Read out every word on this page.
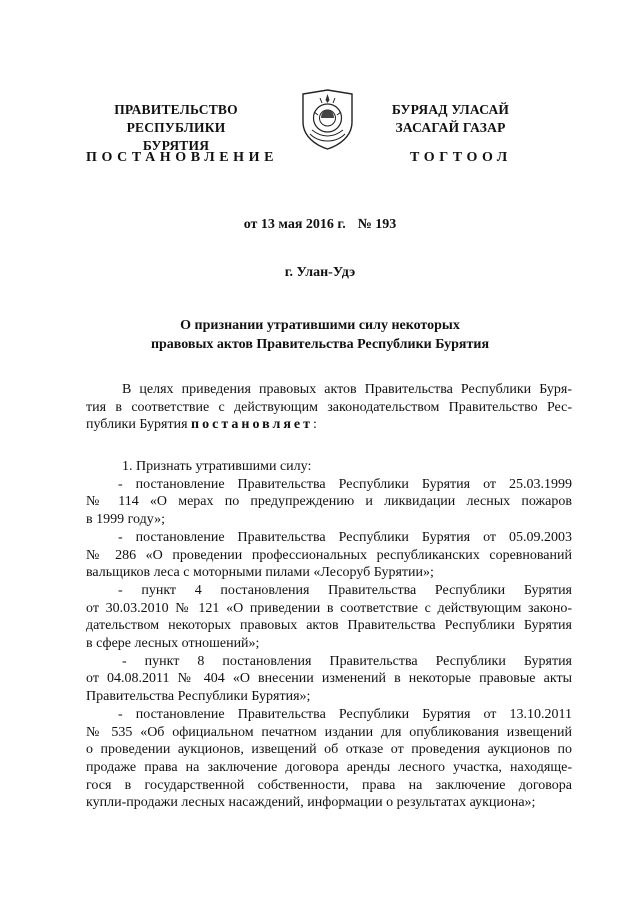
ПРАВИТЕЛЬСТВО
РЕСПУБЛИКИ БУРЯТИЯ
БУРЯАД УЛАСАЙ
ЗАСАГАЙ ГАЗАР
ПОСТАНОВЛЕНИЕ	ТОГТООЛ
от 13 мая 2016 г. № 193
г. Улан-Удэ
О признании утратившими силу некоторых
правовых актов Правительства Республики Бурятия
В целях приведения правовых актов Правительства Республики Буря-
тия в соответствие с действующим законодательством Правительство Рес-
публики Бурятия постановляет:
1. Признать утратившими силу:
- постановление Правительства Республики Бурятия от 25.03.1999
№ 114 «О мерах по предупреждению и ликвидации лесных пожаров
в 1999 году»;
- постановление Правительства Республики Бурятия от 05.09.2003
№ 286 «О проведении профессиональных республиканских соревнований
вальщиков леса с моторными пилами «Лесоруб Бурятии»;
- пункт 4 постановления Правительства Республики Бурятия
от 30.03.2010 № 121 «О приведении в соответствие с действующим законо-
дательством некоторых правовых актов Правительства Республики Бурятия
в сфере лесных отношений»;
- пункт 8 постановления Правительства Республики Бурятия
от 04.08.2011 № 404 «О внесении изменений в некоторые правовые акты
Правительства Республики Бурятия»;
- постановление Правительства Республики Бурятия от 13.10.2011
№ 535 «Об официальном печатном издании для опубликования извещений
о проведении аукционов, извещений об отказе от проведения аукционов по
продаже права на заключение договора аренды лесного участка, находяще-
гося в государственной собственности, права на заключение договора
купли-продажи лесных насаждений, информации о результатах аукциона»;
